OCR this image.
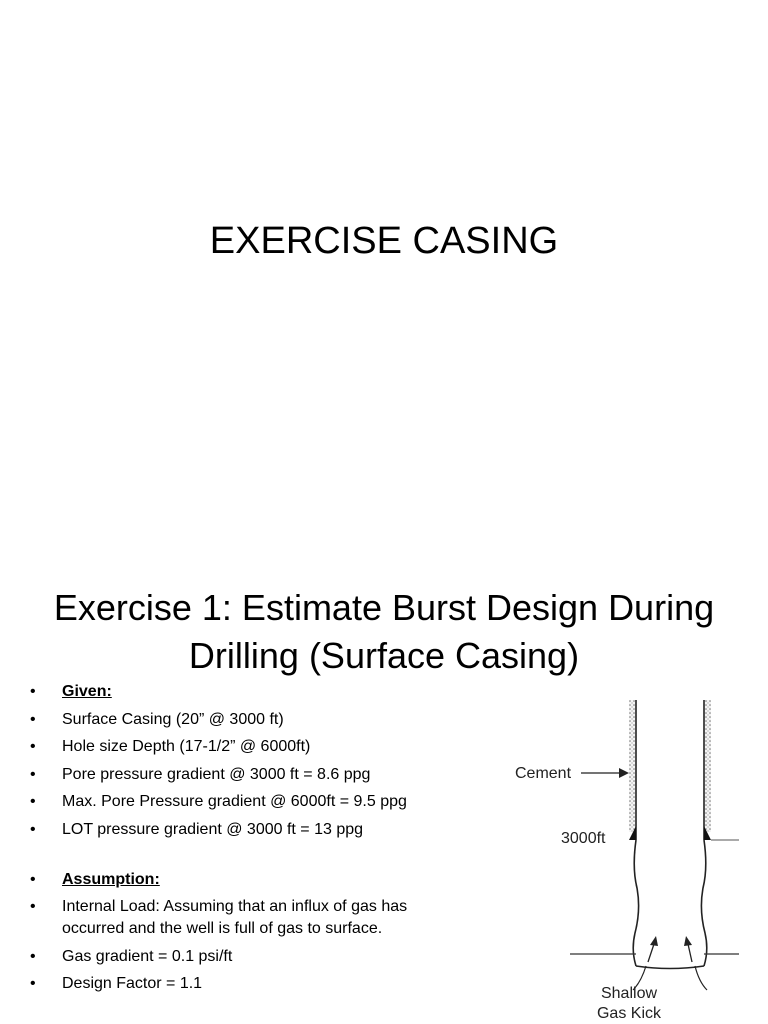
EXERCISE CASING
Exercise 1: Estimate Burst Design During
Drilling (Surface Casing)
• Given:
• Surface Casing (20” @ 3000 ft)
• Hole size Depth (17-1/2” @ 6000ft)
• Pore pressure gradient @ 3000 ft = 8.6 ppg
• Max. Pore Pressure gradient @ 6000ft = 9.5 ppg
• LOT pressure gradient @ 3000 ft = 13 ppg
• Assumption:
• Internal Load: Assuming that an influx of gas has occurred and the well is full of gas to surface.
• Gas gradient = 0.1 psi/ft
• Design Factor = 1.1
Cement
3000ft
Shallow
Gas Kick
